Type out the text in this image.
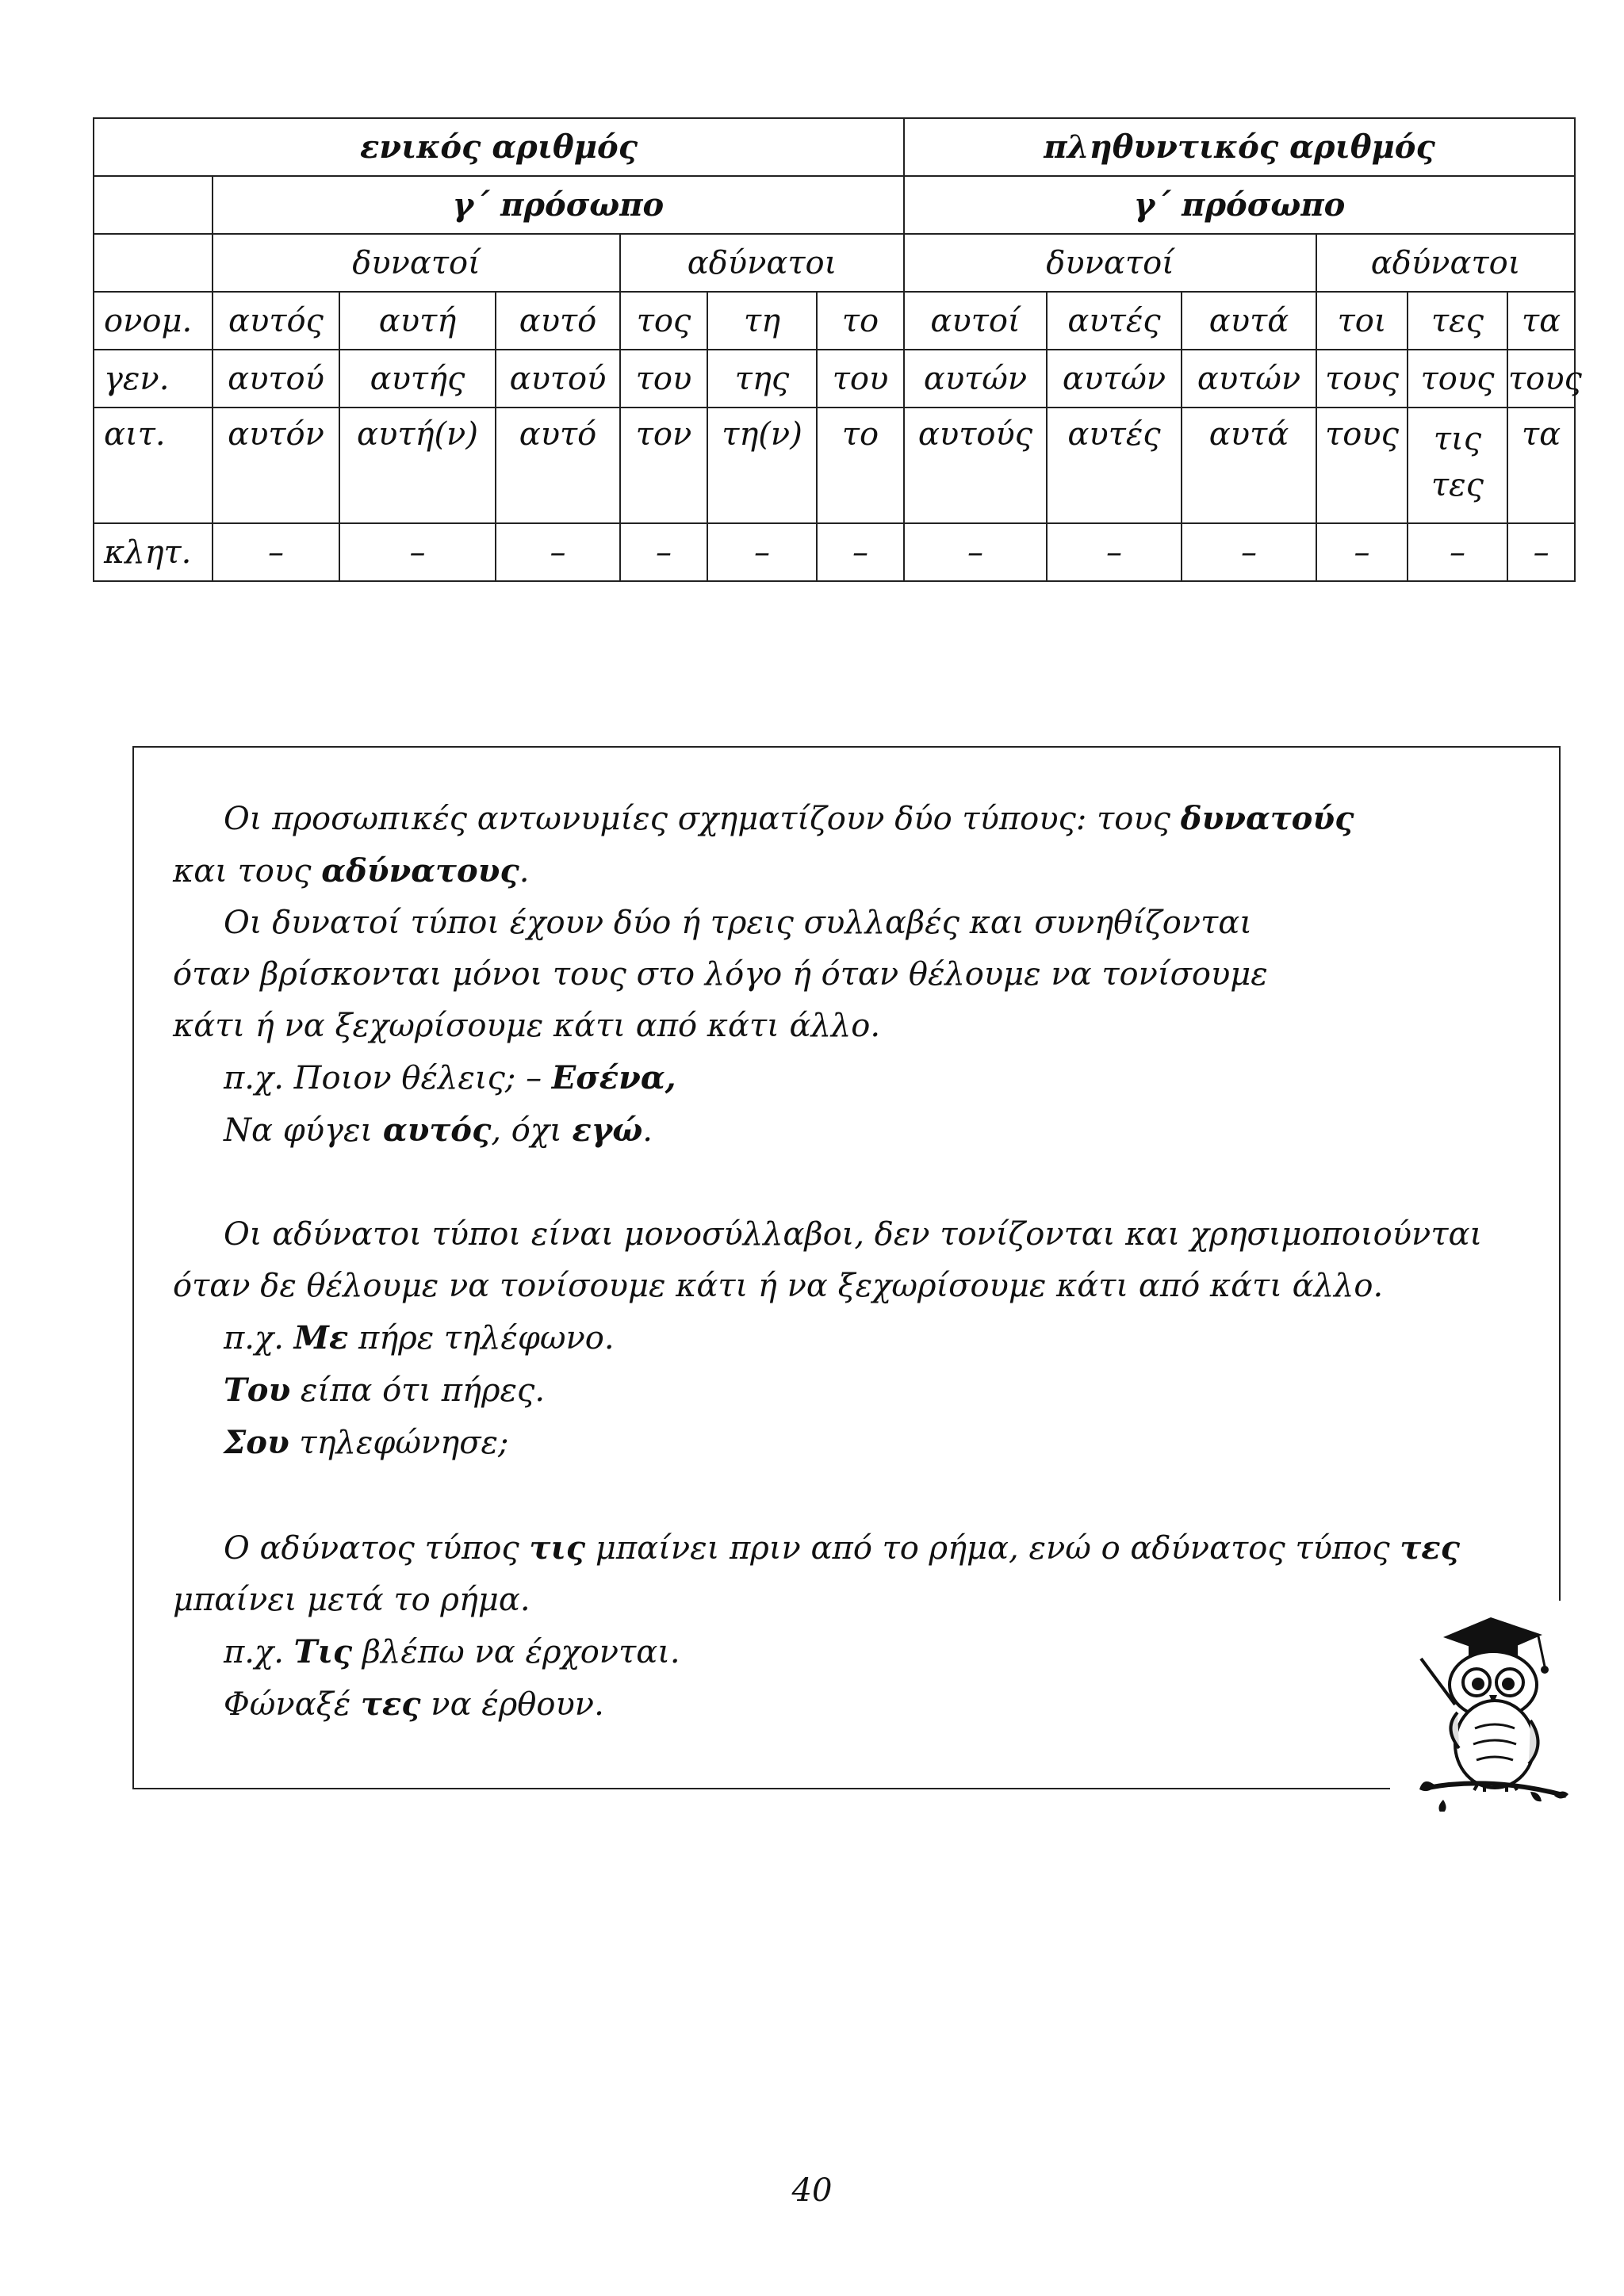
ενικός αριθμός							πληθυντικός αριθμός					
	γ΄ πρόσωπο						γ΄ πρόσωπο					
	δυνατοί			αδύνατοι			δυνατοί			αδύνατοι		
ονομ.	αυτός	αυτή	αυτό	τος	τη	το	αυτοί	αυτές	αυτά	τοι	τες	τα
γεν.	αυτού	αυτής	αυτού	του	της	του	αυτών	αυτών	αυτών	τους	τους	τους
αιτ.	αυτόν	αυτή(ν)	αυτό	τον	τη(ν)	το	αυτούς	αυτές	αυτά	τους	τις τες	τα
κλητ.	–	–	–	–	–	–	–	–	–	–	–	–
Οι προσωπικές αντωνυμίες σχηματίζουν δύο τύπους: τους δυνατούς
και τους αδύνατους.
Οι δυνατοί τύποι έχουν δύο ή τρεις συλλαβές και συνηθίζονται
όταν βρίσκονται μόνοι τους στο λόγο ή όταν θέλουμε να τονίσουμε
κάτι ή να ξεχωρίσουμε κάτι από κάτι άλλο.
π.χ. Ποιον θέλεις; – Εσένα,
Να φύγει αυτός, όχι εγώ.
Οι αδύνατοι τύποι είναι μονοσύλλαβοι, δεν τονίζονται και χρησιμοποιούνται
όταν δε θέλουμε να τονίσουμε κάτι ή να ξεχωρίσουμε κάτι από κάτι άλλο.
π.χ. Με πήρε τηλέφωνο.
Του είπα ότι πήρες.
Σου τηλεφώνησε;
Ο αδύνατος τύπος τις μπαίνει πριν από το ρήμα, ενώ ο αδύνατος τύπος τες
μπαίνει μετά το ρήμα.
π.χ. Τις βλέπω να έρχονται.
Φώναξέ τες να έρθουν.
40
